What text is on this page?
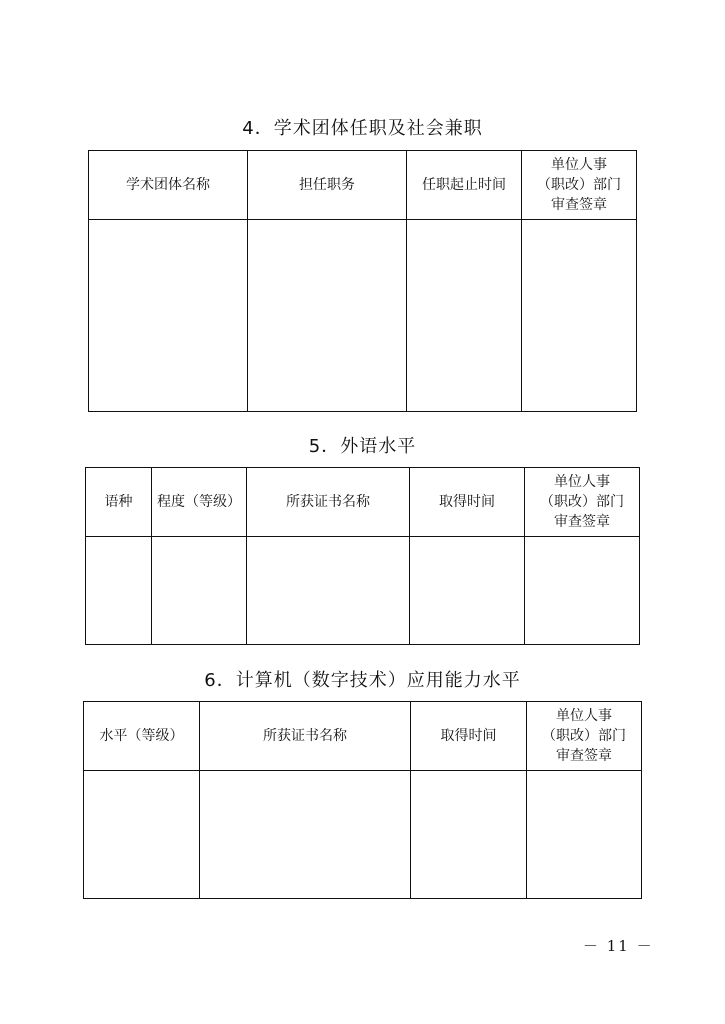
4．学术团体任职及社会兼职
学术团体名称	担任职务	任职起止时间	单位人事
（职改）部门
审查签章

5．外语水平
语种	程度（等级）	所获证书名称	取得时间	单位人事
（职改）部门
审查签章

6．计算机（数字技术）应用能力水平
水平（等级）	所获证书名称	取得时间	单位人事
（职改）部门
审查签章

－ 11 －
